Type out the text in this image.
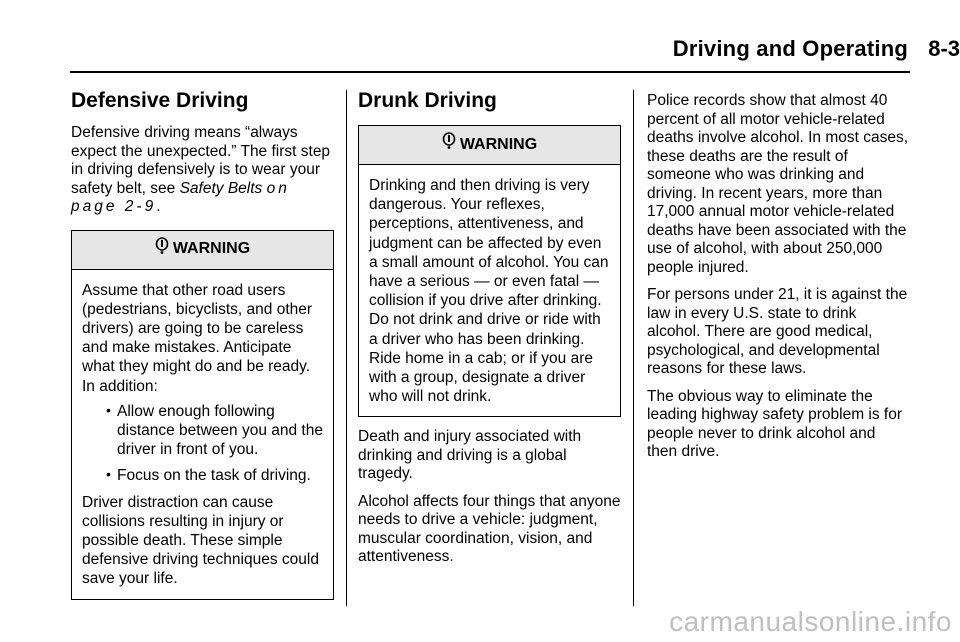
Driving and Operating 8-3
Defensive Driving

Defensive driving means “always expect the unexpected.” The first step in driving defensively is to wear your safety belt, see Safety Belts on page 2-9.

WARNING

Assume that other road users (pedestrians, bicyclists, and other drivers) are going to be careless and make mistakes. Anticipate what they might do and be ready. In addition:

• Allow enough following distance between you and the driver in front of you.
• Focus on the task of driving.

Driver distraction can cause collisions resulting in injury or possible death. These simple defensive driving techniques could save your life.

Drunk Driving
WARNING

Drinking and then driving is very dangerous. Your reflexes, perceptions, attentiveness, and judgment can be affected by even a small amount of alcohol. You can have a serious — or even fatal — collision if you drive after drinking. Do not drink and drive or ride with a driver who has been drinking. Ride home in a cab; or if you are with a group, designate a driver who will not drink.

Death and injury associated with drinking and driving is a global tragedy.

Alcohol affects four things that anyone needs to drive a vehicle: judgment, muscular coordination, vision, and attentiveness.

Police records show that almost 40 percent of all motor vehicle-related deaths involve alcohol. In most cases, these deaths are the result of someone who was drinking and driving. In recent years, more than 17,000 annual motor vehicle-related deaths have been associated with the use of alcohol, with about 250,000 people injured.

For persons under 21, it is against the law in every U.S. state to drink alcohol. There are good medical, psychological, and developmental reasons for these laws.

The obvious way to eliminate the leading highway safety problem is for people never to drink alcohol and then drive.

carmanualsonline.info
